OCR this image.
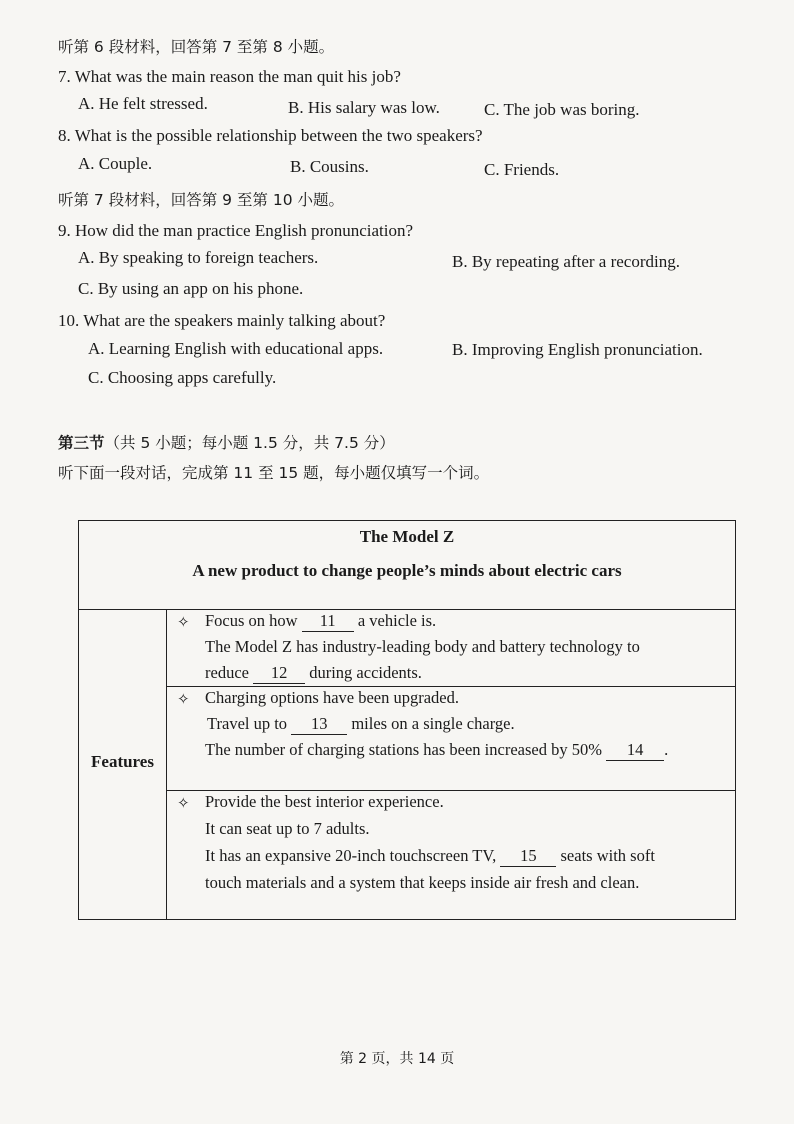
听第 6 段材料，回答第 7 至第 8 小题。
7. What was the main reason the man quit his job?
A. He felt stressed.	B. His salary was low.	C. The job was boring.
8. What is the possible relationship between the two speakers?
A. Couple.	B. Cousins.	C. Friends.
听第 7 段材料，回答第 9 至第 10 小题。
9. How did the man practice English pronunciation?
A. By speaking to foreign teachers.	B. By repeating after a recording.
C. By using an app on his phone.
10. What are the speakers mainly talking about?
A. Learning English with educational apps.	B. Improving English pronunciation.
C. Choosing apps carefully.
第三节（共 5 小题；每小题 1.5 分，共 7.5 分）
听下面一段对话，完成第 11 至 15 题，每小题仅填写一个词。
The Model Z
A new product to change people’s minds about electric cars
Features
✧ Focus on how 11 a vehicle is.
The Model Z has industry-leading body and battery technology to
reduce 12 during accidents.
✧ Charging options have been upgraded.
Travel up to 13 miles on a single charge.
The number of charging stations has been increased by 50% 14 .
✧ Provide the best interior experience.
It can seat up to 7 adults.
It has an expansive 20-inch touchscreen TV, 15 seats with soft
touch materials and a system that keeps inside air fresh and clean.
第 2 页，共 14 页
